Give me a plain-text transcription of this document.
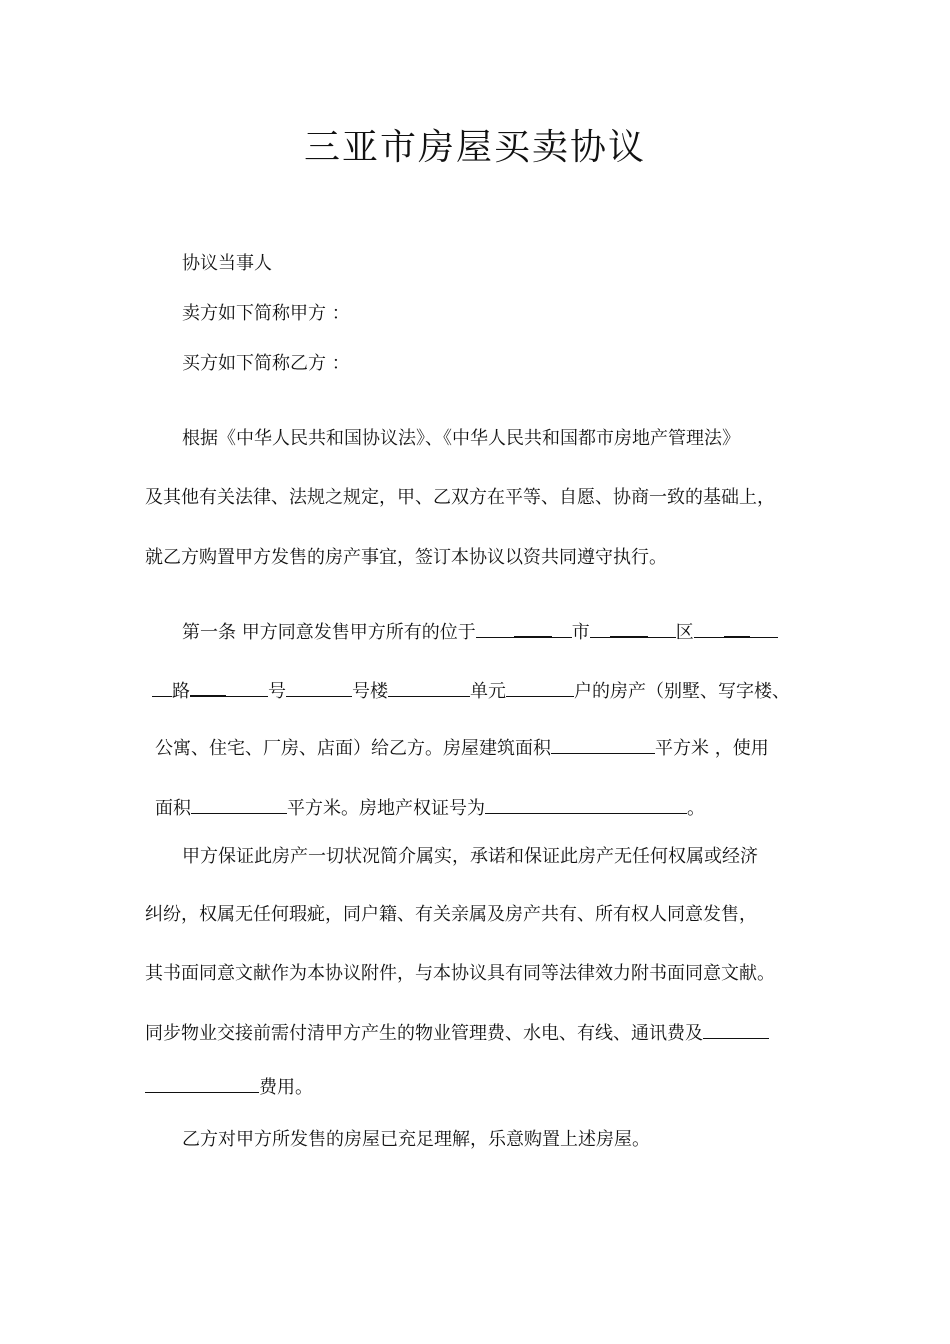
三亚市房屋买卖协议
协议当事人
卖方如下简称甲方 ：
买方如下简称乙方 ：
根据《中华人民共和国协议法》、《中华人民共和国都市房地产管理法》
及其他有关法律、法规之规定，甲、乙双方在平等、自愿、协商一致的基础上，
就乙方购置甲方发售的房产事宜，签订本协议以资共同遵守执行。
第一条 甲方同意发售甲方所有的位于	市	区
路	号	号楼	单元	户的房产（别墅、写字楼、
公寓、住宅、厂房、店面）给乙方。房屋建筑面积	平方米 ，使用
面积	平方米。房地产权证号为	。
甲方保证此房产一切状况简介属实，承诺和保证此房产无任何权属或经济
纠纷，权属无任何瑕疵，同户籍、有关亲属及房产共有、所有权人同意发售，
其书面同意文献作为本协议附件，与本协议具有同等法律效力附书面同意文献。
同步物业交接前需付清甲方产生的物业管理费、水电、有线、通讯费及
费用。
乙方对甲方所发售的房屋已充足理解，乐意购置上述房屋。
